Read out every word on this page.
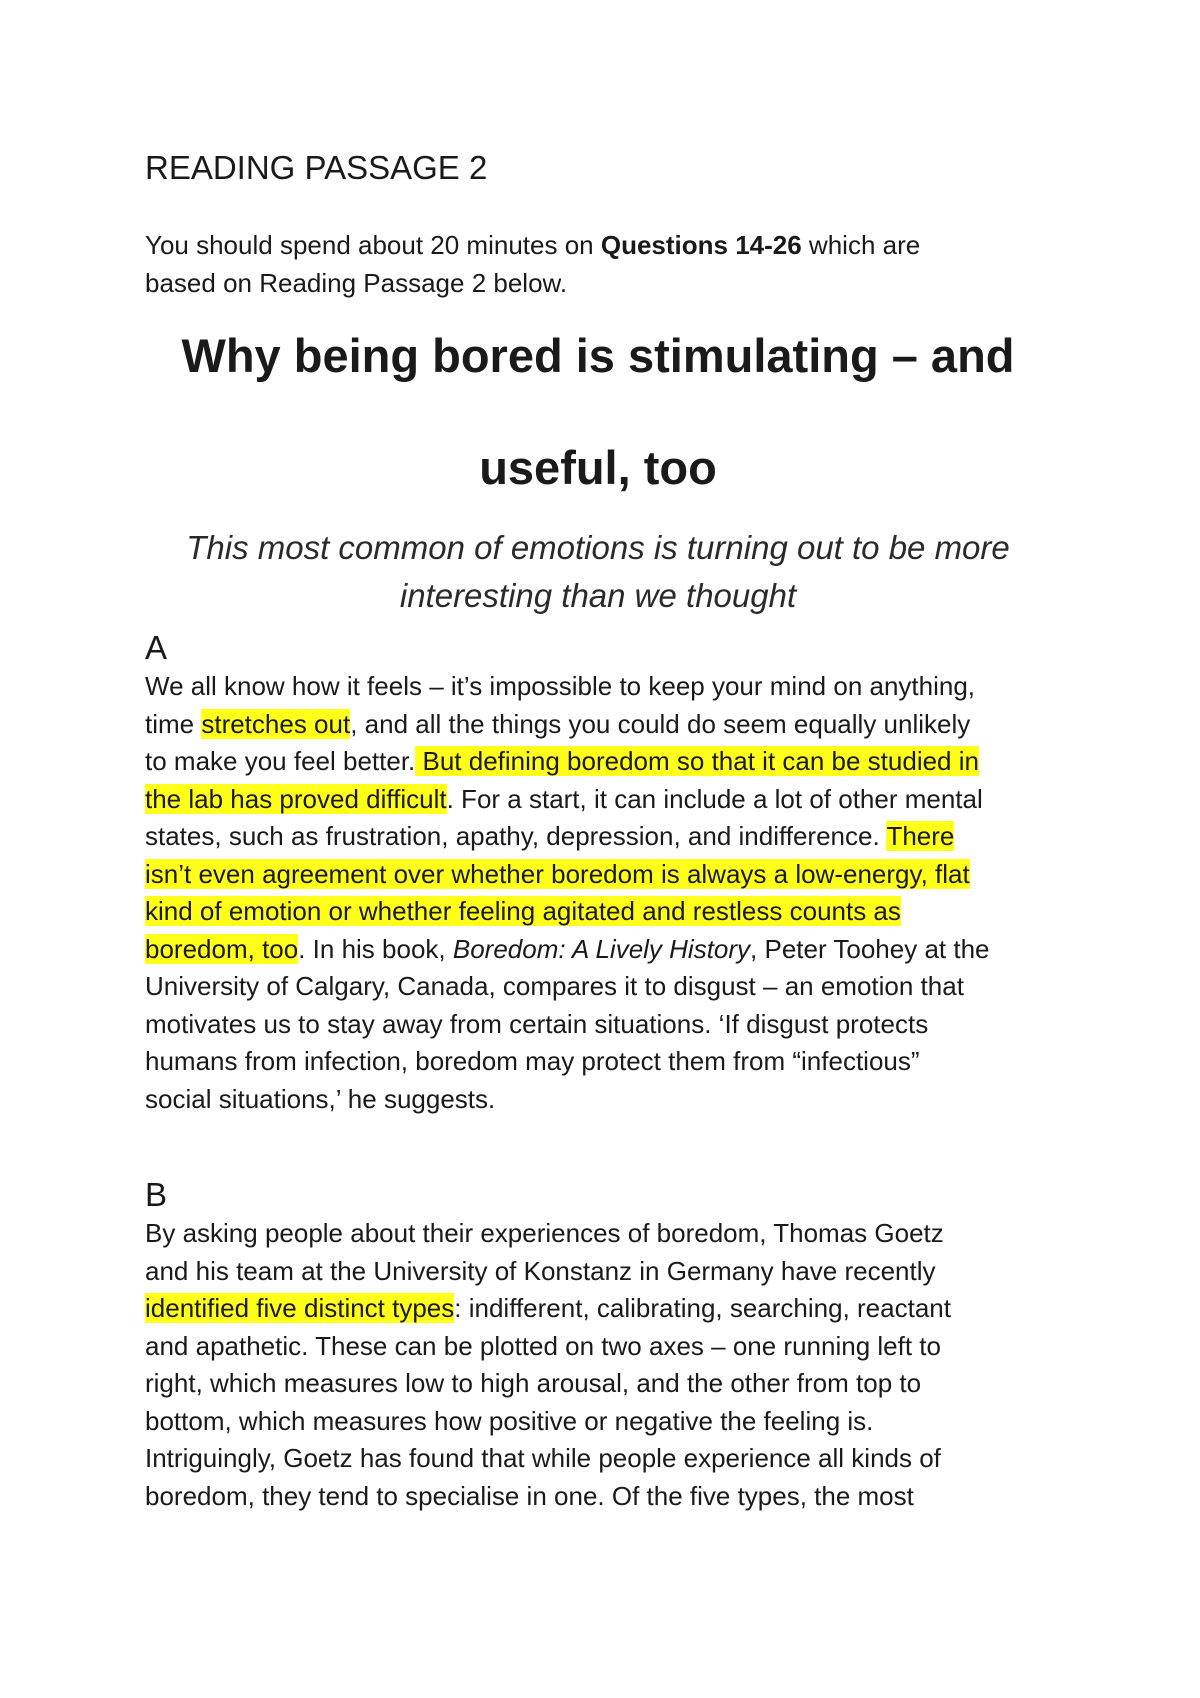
READING PASSAGE 2
You should spend about 20 minutes on Questions 14-26 which are
based on Reading Passage 2 below.
Why being bored is stimulating – and
useful, too
This most common of emotions is turning out to be more
interesting than we thought
A
We all know how it feels – it’s impossible to keep your mind on anything,
time stretches out, and all the things you could do seem equally unlikely
to make you feel better. But defining boredom so that it can be studied in
the lab has proved difficult. For a start, it can include a lot of other mental
states, such as frustration, apathy, depression, and indifference. There
isn’t even agreement over whether boredom is always a low-energy, flat
kind of emotion or whether feeling agitated and restless counts as
boredom, too. In his book, Boredom: A Lively History, Peter Toohey at the
University of Calgary, Canada, compares it to disgust – an emotion that
motivates us to stay away from certain situations. ‘If disgust protects
humans from infection, boredom may protect them from “infectious”
social situations,’ he suggests.
B
By asking people about their experiences of boredom, Thomas Goetz
and his team at the University of Konstanz in Germany have recently
identified five distinct types: indifferent, calibrating, searching, reactant
and apathetic. These can be plotted on two axes – one running left to
right, which measures low to high arousal, and the other from top to
bottom, which measures how positive or negative the feeling is.
Intriguingly, Goetz has found that while people experience all kinds of
boredom, they tend to specialise in one. Of the five types, the most
